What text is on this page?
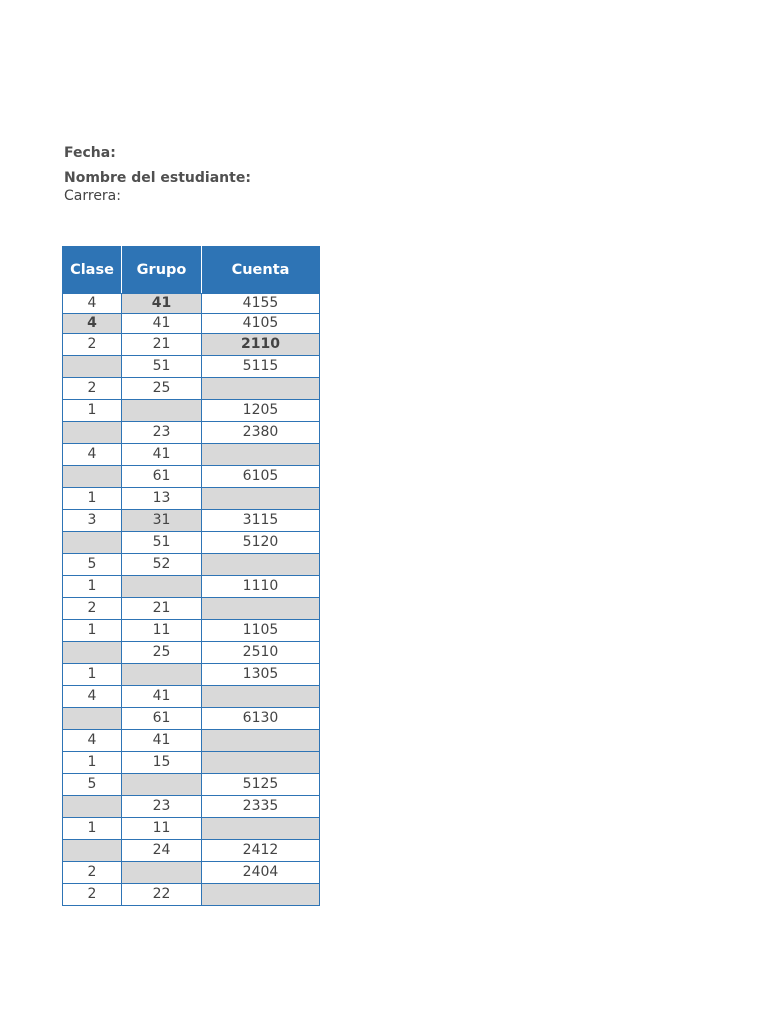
Fecha:
Nombre del estudiante:
Carrera:
Clase	Grupo	Cuenta
4	41	4155
4	41	4105
2	21	2110
	51	5115
2	25	
1		1205
	23	2380
4	41	
	61	6105
1	13	
3	31	3115
	51	5120
5	52	
1		1110
2	21	
1	11	1105
	25	2510
1		1305
4	41	
	61	6130
4	41	
1	15	
5		5125
	23	2335
1	11	
	24	2412
2		2404
2	22	
